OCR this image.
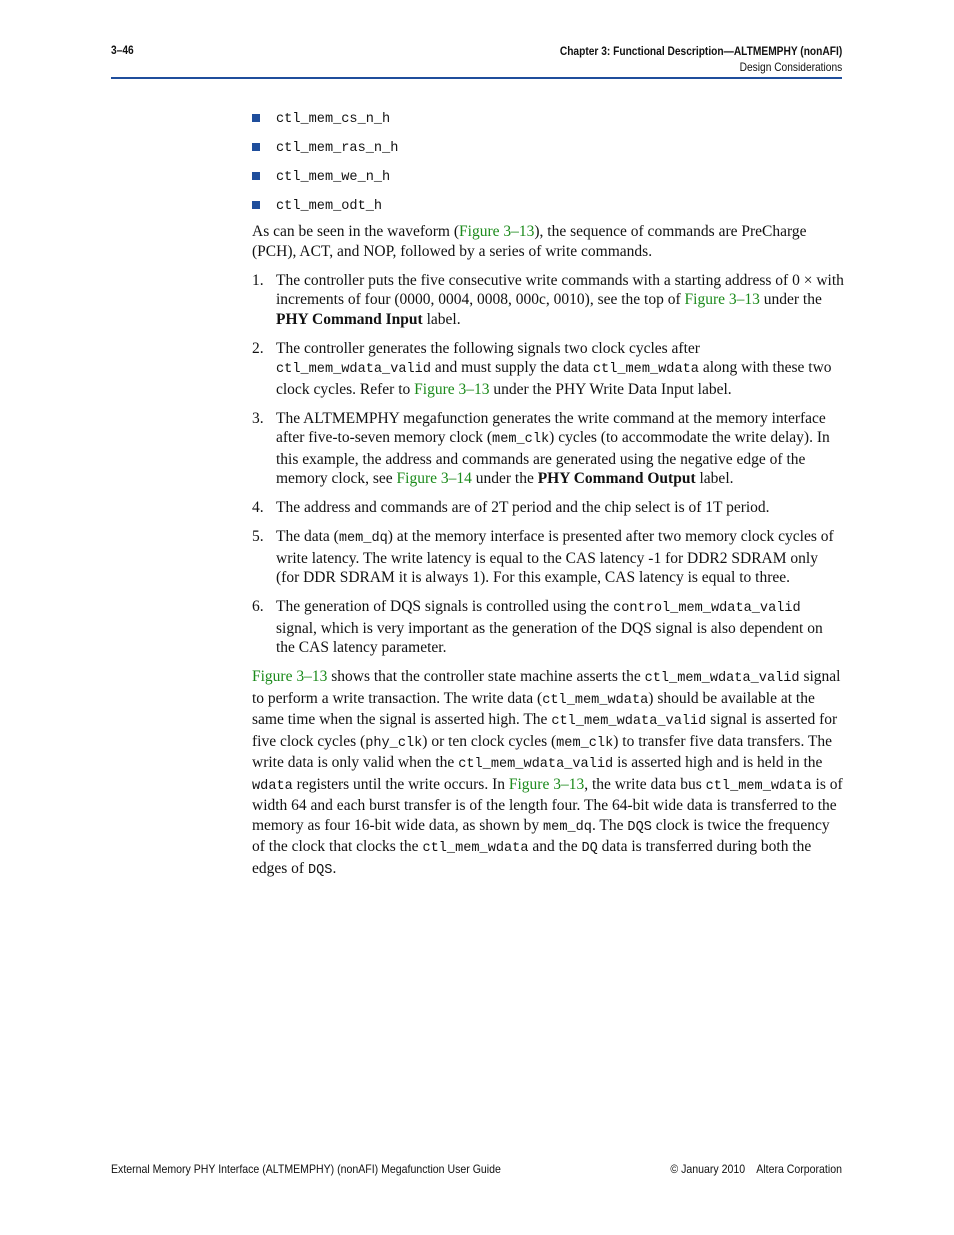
3–46	Chapter 3: Functional Description—ALTMEMPHY (nonAFI)
Design Considerations
ctl_mem_cs_n_h
ctl_mem_ras_n_h
ctl_mem_we_n_h
ctl_mem_odt_h

As can be seen in the waveform (Figure 3–13), the sequence of commands are PreCharge (PCH), ACT, and NOP, followed by a series of write commands.

1. The controller puts the five consecutive write commands with a starting address of 0 × with increments of four (0000, 0004, 0008, 000c, 0010), see the top of Figure 3–13 under the PHY Command Input label.
2. The controller generates the following signals two clock cycles after ctl_mem_wdata_valid and must supply the data ctl_mem_wdata along with these two clock cycles. Refer to Figure 3–13 under the PHY Write Data Input label.
3. The ALTMEMPHY megafunction generates the write command at the memory interface after five-to-seven memory clock (mem_clk) cycles (to accommodate the write delay). In this example, the address and commands are generated using the negative edge of the memory clock, see Figure 3–14 under the PHY Command Output label.
4. The address and commands are of 2T period and the chip select is of 1T period.
5. The data (mem_dq) at the memory interface is presented after two memory clock cycles of write latency. The write latency is equal to the CAS latency -1 for DDR2 SDRAM only (for DDR SDRAM it is always 1). For this example, CAS latency is equal to three.
6. The generation of DQS signals is controlled using the control_mem_wdata_valid signal, which is very important as the generation of the DQS signal is also dependent on the CAS latency parameter.

Figure 3–13 shows that the controller state machine asserts the ctl_mem_wdata_valid signal to perform a write transaction. The write data (ctl_mem_wdata) should be available at the same time when the signal is asserted high. The ctl_mem_wdata_valid signal is asserted for five clock cycles (phy_clk) or ten clock cycles (mem_clk) to transfer five data transfers. The write data is only valid when the ctl_mem_wdata_valid is asserted high and is held in the wdata registers until the write occurs. In Figure 3–13, the write data bus ctl_mem_wdata is of width 64 and each burst transfer is of the length four. The 64-bit wide data is transferred to the memory as four 16-bit wide data, as shown by mem_dq. The DQS clock is twice the frequency of the clock that clocks the ctl_mem_wdata and the DQ data is transferred during both the edges of DQS.

External Memory PHY Interface (ALTMEMPHY) (nonAFI) Megafunction User Guide	© January 2010    Altera Corporation
